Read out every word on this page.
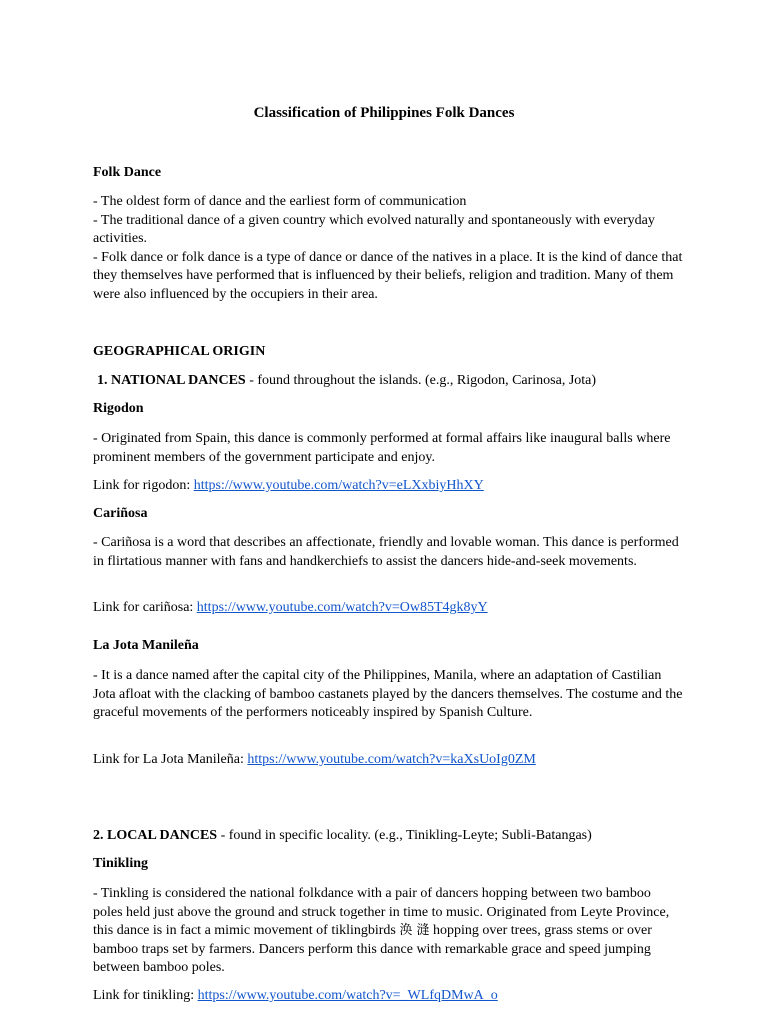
Classification of Philippines Folk Dances

Folk Dance

- The oldest form of dance and the earliest form of communication
- The traditional dance of a given country which evolved naturally and spontaneously with everyday activities.
- Folk dance or folk dance is a type of dance or dance of the natives in a place. It is the kind of dance that they themselves have performed that is influenced by their beliefs, religion and tradition. Many of them were also influenced by the occupiers in their area.

GEOGRAPHICAL ORIGIN

1. NATIONAL DANCES - found throughout the islands. (e.g., Rigodon, Carinosa, Jota)

Rigodon

- Originated from Spain, this dance is commonly performed at formal affairs like inaugural balls where prominent members of the government participate and enjoy.

Link for rigodon: https://www.youtube.com/watch?v=eLXxbiyHhXY

Cariñosa

- Cariñosa is a word that describes an affectionate, friendly and lovable woman. This dance is performed in flirtatious manner with fans and handkerchiefs to assist the dancers hide-and-seek movements.

Link for cariñosa: https://www.youtube.com/watch?v=Ow85T4gk8yY

La Jota Manileña

- It is a dance named after the capital city of the Philippines, Manila, where an adaptation of Castilian Jota afloat with the clacking of bamboo castanets played by the dancers themselves. The costume and the graceful movements of the performers noticeably inspired by Spanish Culture.

Link for La Jota Manileña: https://www.youtube.com/watch?v=kaXsUoIg0ZM

2. LOCAL DANCES - found in specific locality. (e.g., Tinikling-Leyte; Subli-Batangas)

Tinikling

- Tinkling is considered the national folkdance with a pair of dancers hopping between two bamboo poles held just above the ground and struck together in time to music. Originated from Leyte Province, this dance is in fact a mimic movement of tiklingbirds 涣 漨 hopping over trees, grass stems or over bamboo traps set by farmers. Dancers perform this dance with remarkable grace and speed jumping between bamboo poles.

Link for tinikling: https://www.youtube.com/watch?v=_WLfqDMwA_o
